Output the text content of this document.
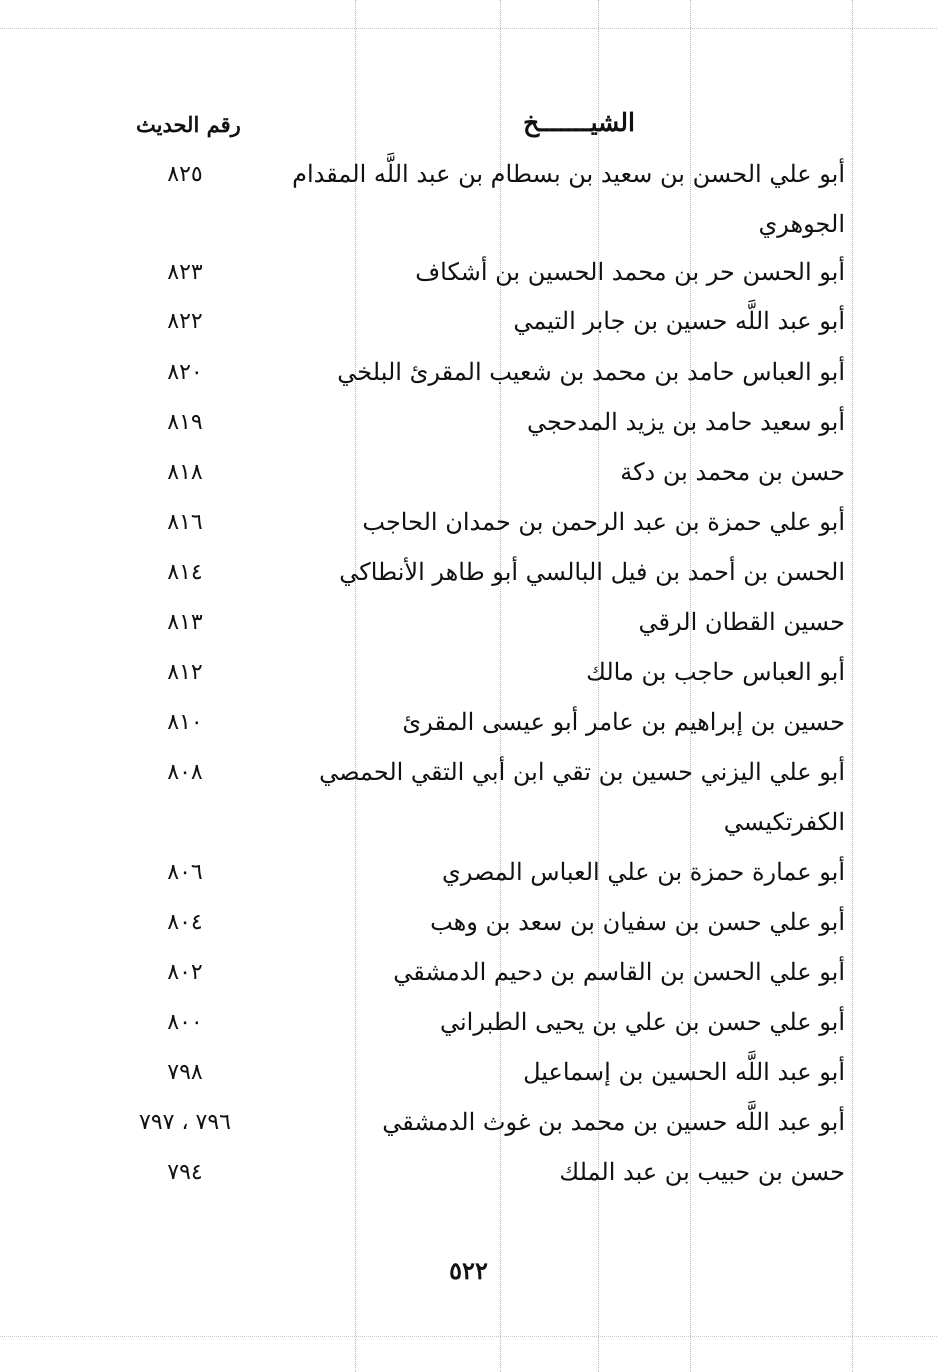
الشيـــــــخ
رقم الحديث
أبو علي الحسن بن سعيد بن بسطام بن عبد اللَّه المقدام
٨٢٥
الجوهري
أبو الحسن حر بن محمد الحسين بن أشكاف
٨٢٣
أبو عبد اللَّه حسين بن جابر التيمي
٨٢٢
أبو العباس حامد بن محمد بن شعيب المقرئ البلخي
٨٢٠
أبو سعيد حامد بن يزيد المدحجي
٨١٩
حسن بن محمد بن دكة
٨١٨
أبو علي حمزة بن عبد الرحمن بن حمدان الحاجب
٨١٦
الحسن بن أحمد بن فيل البالسي أبو طاهر الأنطاكي
٨١٤
حسين القطان الرقي
٨١٣
أبو العباس حاجب بن مالك
٨١٢
حسين بن إبراهيم بن عامر أبو عيسى المقرئ
٨١٠
أبو علي اليزني حسين بن تقي ابن أبي التقي الحمصي
٨٠٨
الكفرتكيسي
أبو عمارة حمزة بن علي العباس المصري
٨٠٦
أبو علي حسن بن سفيان بن سعد بن وهب
٨٠٤
أبو علي الحسن بن القاسم بن دحيم الدمشقي
٨٠٢
أبو علي حسن بن علي بن يحيى الطبراني
٨٠٠
أبو عبد اللَّه الحسين بن إسماعيل
٧٩٨
أبو عبد اللَّه حسين بن محمد بن غوث الدمشقي
٧٩٦ ، ٧٩٧
حسن بن حبيب بن عبد الملك
٧٩٤
٥٢٢
